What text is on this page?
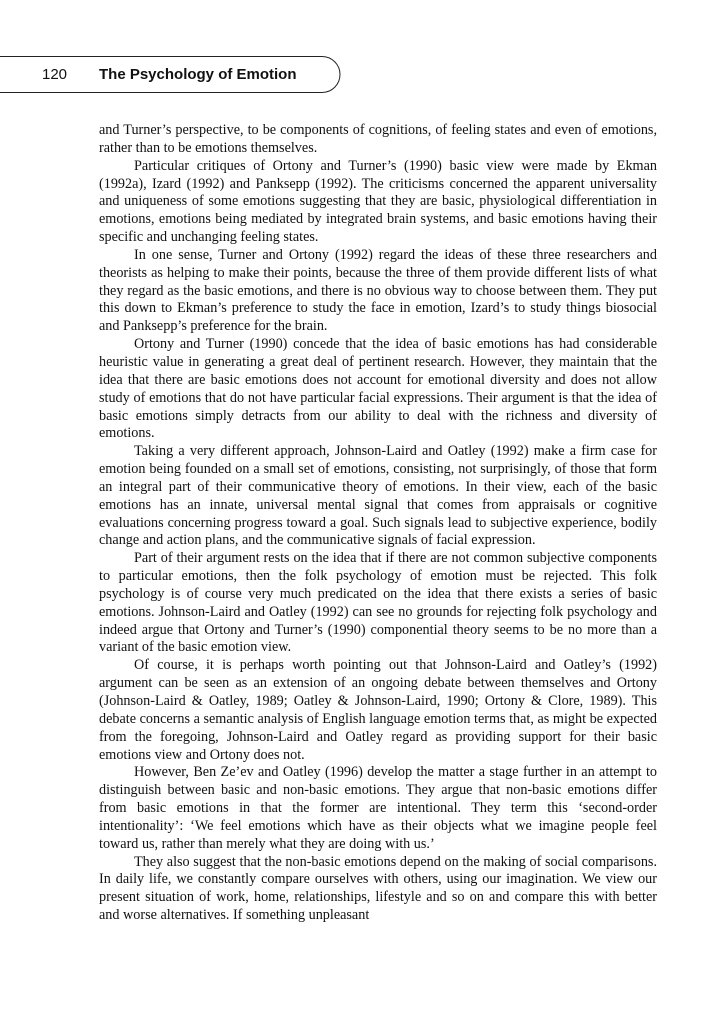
120 The Psychology of Emotion

and Turner’s perspective, to be components of cognitions, of feeling states and even of emotions, rather than to be emotions themselves.

Particular critiques of Ortony and Turner’s (1990) basic view were made by Ekman (1992a), Izard (1992) and Panksepp (1992). The criticisms concerned the apparent universality and uniqueness of some emotions suggesting that they are basic, physiological differentiation in emotions, emotions being mediated by integrated brain systems, and basic emotions having their specific and unchanging feeling states.

In one sense, Turner and Ortony (1992) regard the ideas of these three researchers and theorists as helping to make their points, because the three of them provide different lists of what they regard as the basic emotions, and there is no obvious way to choose between them. They put this down to Ekman’s preference to study the face in emotion, Izard’s to study things biosocial and Panksepp’s preference for the brain.

Ortony and Turner (1990) concede that the idea of basic emotions has had considerable heuristic value in generating a great deal of pertinent research. However, they maintain that the idea that there are basic emotions does not account for emotional diversity and does not allow study of emotions that do not have particular facial expressions. Their argument is that the idea of basic emotions simply detracts from our ability to deal with the richness and diversity of emotions.

Taking a very different approach, Johnson-Laird and Oatley (1992) make a firm case for emotion being founded on a small set of emotions, consisting, not surprisingly, of those that form an integral part of their communicative theory of emotions. In their view, each of the basic emotions has an innate, universal mental signal that comes from appraisals or cognitive evaluations concerning progress toward a goal. Such signals lead to subjective experience, bodily change and action plans, and the communicative signals of facial expression.

Part of their argument rests on the idea that if there are not common subjective components to particular emotions, then the folk psychology of emotion must be rejected. This folk psychology is of course very much predicated on the idea that there exists a series of basic emotions. Johnson-Laird and Oatley (1992) can see no grounds for rejecting folk psychology and indeed argue that Ortony and Turner’s (1990) componential theory seems to be no more than a variant of the basic emotion view.

Of course, it is perhaps worth pointing out that Johnson-Laird and Oatley’s (1992) argument can be seen as an extension of an ongoing debate between themselves and Ortony (Johnson-Laird & Oatley, 1989; Oatley & Johnson-Laird, 1990; Ortony & Clore, 1989). This debate concerns a semantic analysis of English language emotion terms that, as might be expected from the foregoing, Johnson-Laird and Oatley regard as providing support for their basic emotions view and Ortony does not.

However, Ben Ze’ev and Oatley (1996) develop the matter a stage further in an attempt to distinguish between basic and non-basic emotions. They argue that non-basic emotions differ from basic emotions in that the former are intentional. They term this ‘second-order intentionality’: ‘We feel emotions which have as their objects what we imagine people feel toward us, rather than merely what they are doing with us.’

They also suggest that the non-basic emotions depend on the making of social comparisons. In daily life, we constantly compare ourselves with others, using our imagination. We view our present situation of work, home, relationships, lifestyle and so on and compare this with better and worse alternatives. If something unpleasant
